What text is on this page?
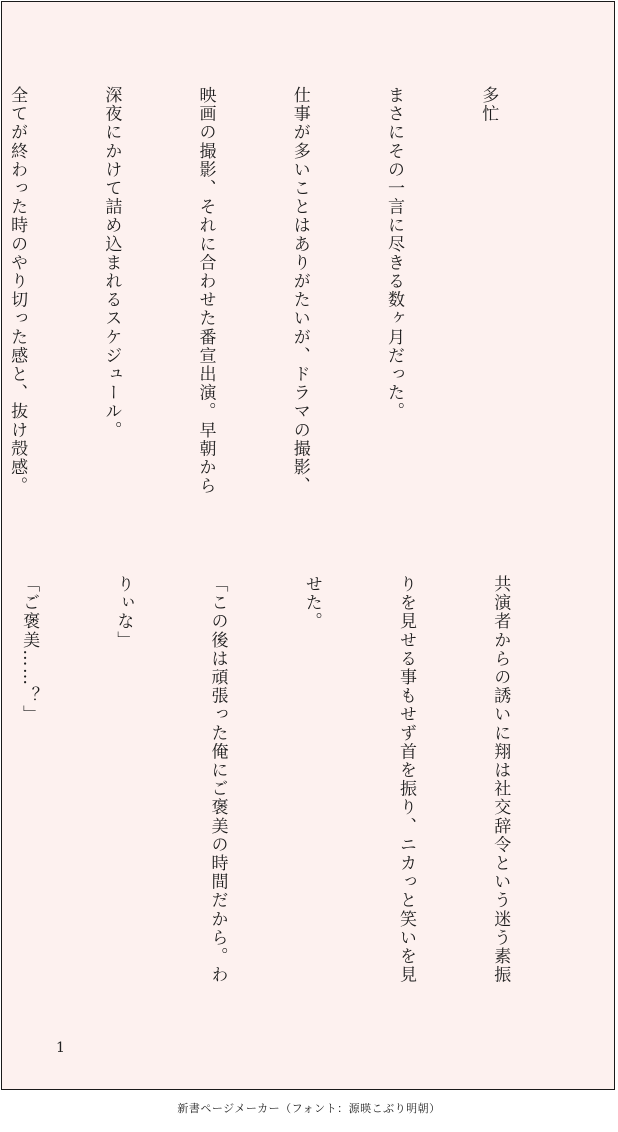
多忙

まさにその一言に尽きる数ヶ月だった。

仕事が多いことはありがたいが、ドラマの撮影、

映画の撮影、それに合わせた番宣出演。早朝から

深夜にかけて詰め込まれるスケジュール。

全てが終わった時のやり切った感と、抜け殻感。

共演者からの誘いに翔は社交辞令という迷う素振

りを見せる事もせず首を振り、ニカっと笑いを見

せた。

「この後は頑張った俺にご褒美の時間だから。わ

りぃな」

「ご褒美……？」

1
新書ページメーカー（フォント：源暎こぶり明朝）
